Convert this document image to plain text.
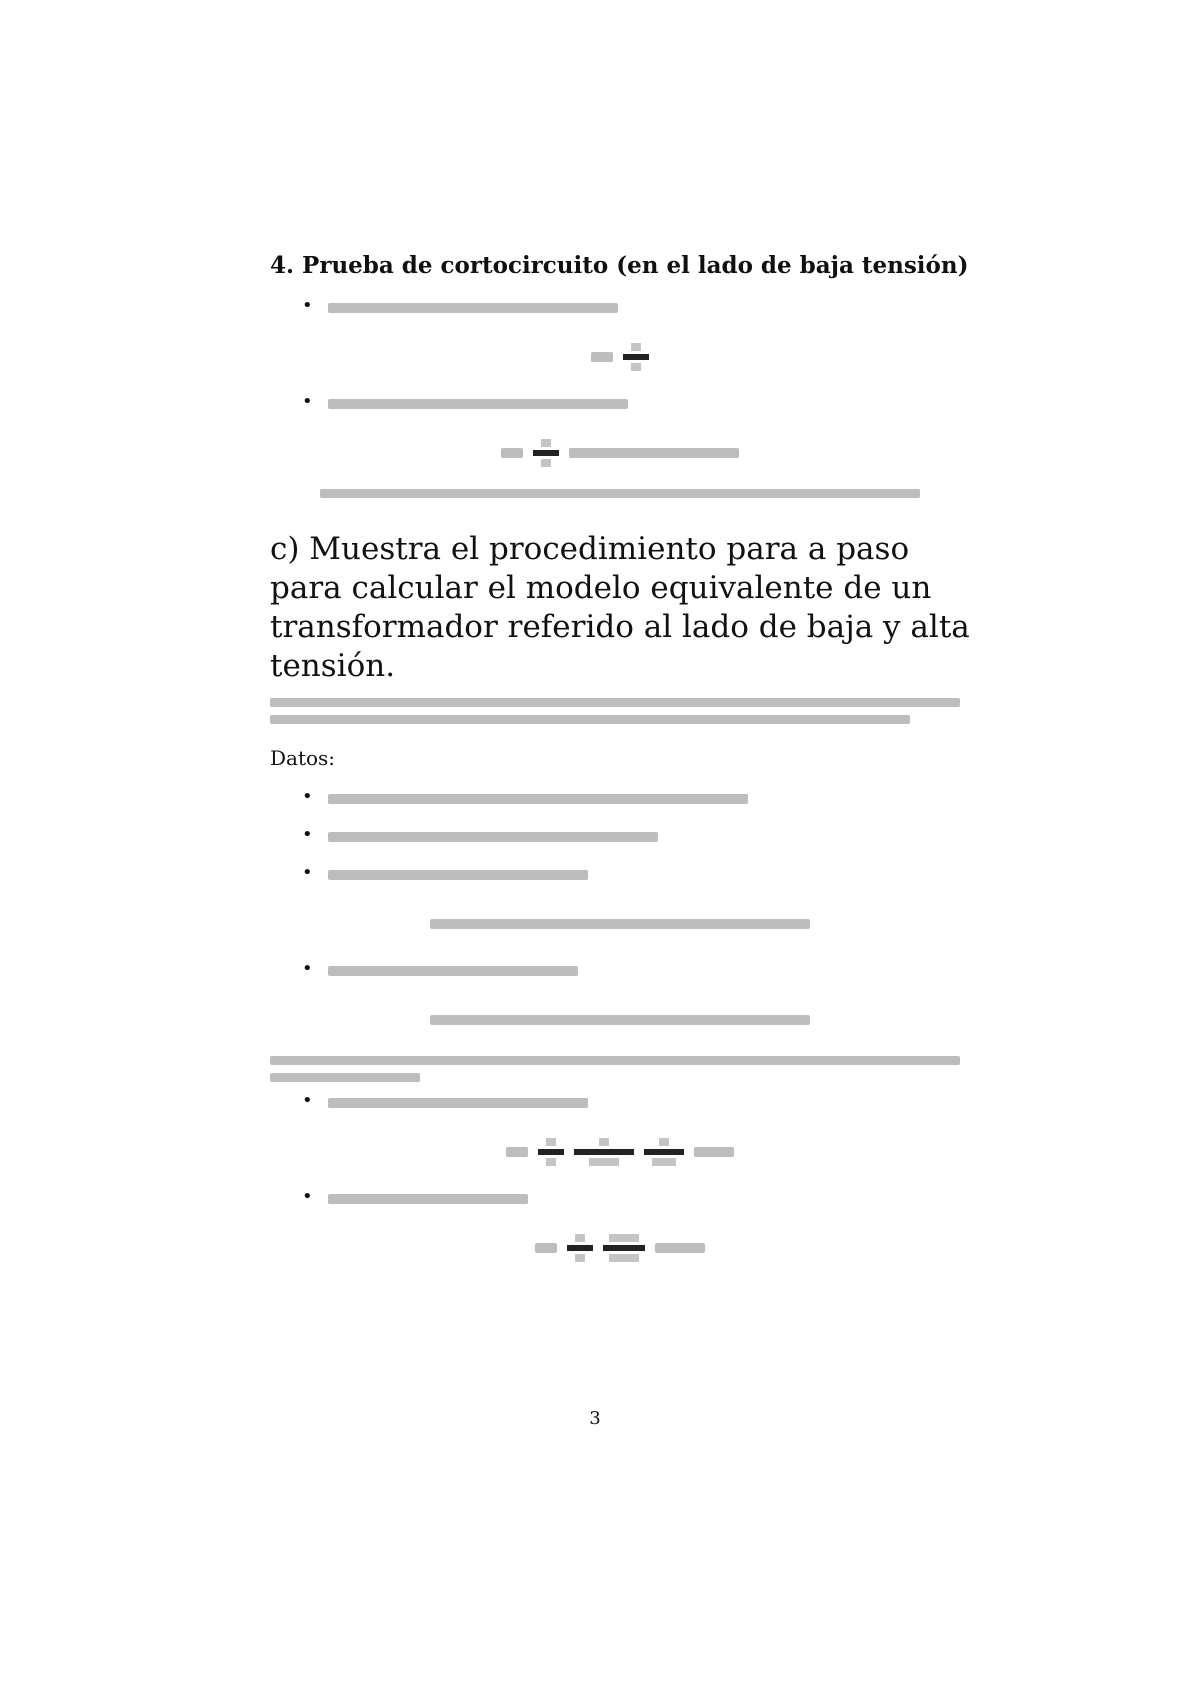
4. Prueba de cortocircuito (en el lado de baja tensión)
•
•
c) Muestra el procedimiento para a paso para calcular el modelo equivalente de un transformador referido al lado de baja y alta tensión.
Datos:
•
•
•
•
•
•
3
